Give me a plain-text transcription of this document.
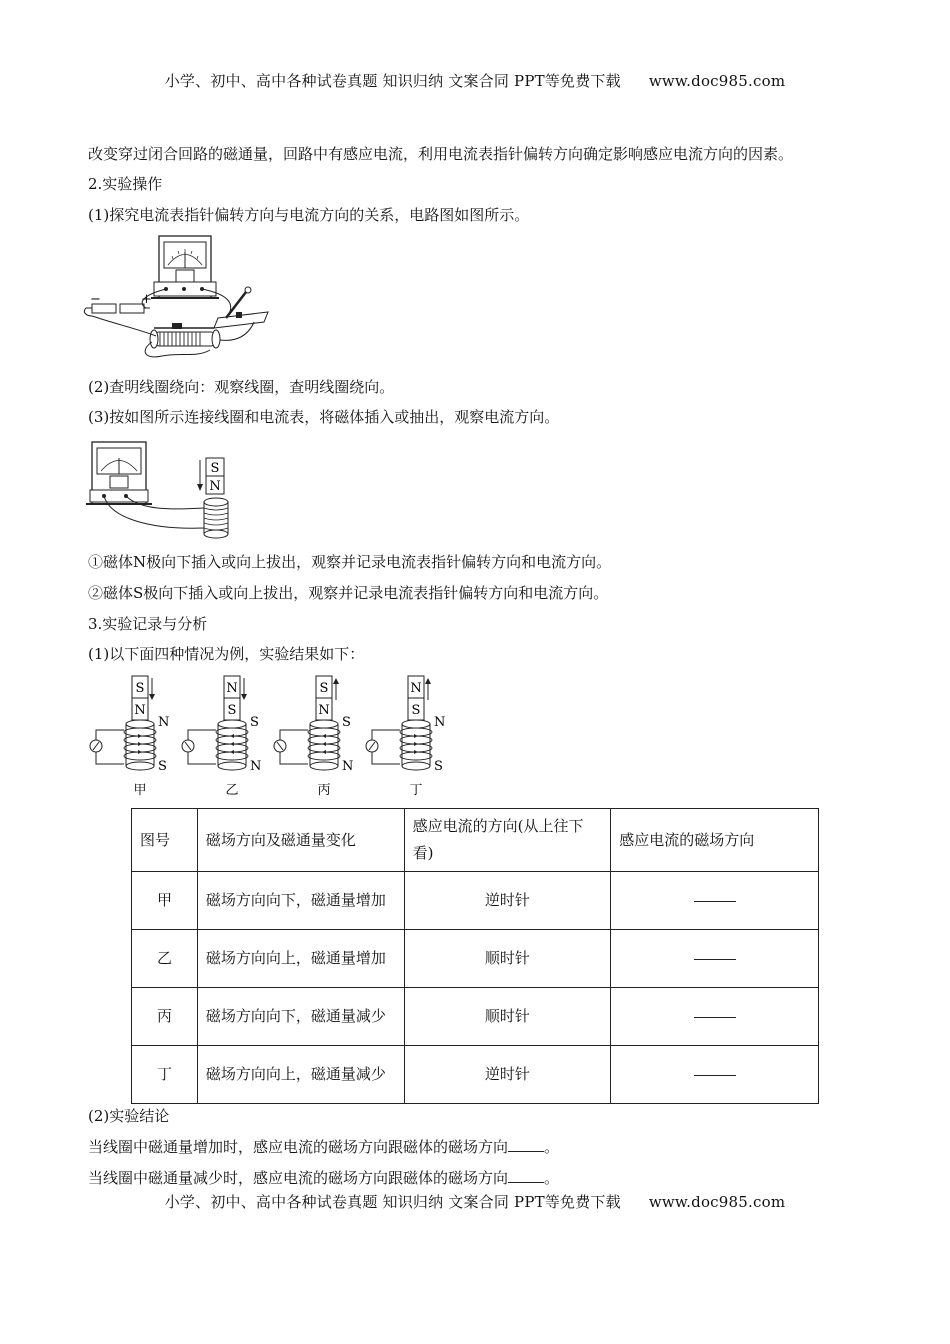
小学、初中、高中各种试卷真题 知识归纳 文案合同 PPT等免费下载 www.doc985.com
改变穿过闭合回路的磁通量，回路中有感应电流，利用电流表指针偏转方向确定影响感应电流方向的因素。
2.实验操作
(1)探究电流表指针偏转方向与电流方向的关系，电路图如图所示。
−	+
(2)查明线圈绕向：观察线圈，查明线圈绕向。
(3)按如图所示连接线圈和电流表，将磁体插入或抽出，观察电流方向。
S
N
①磁体N极向下插入或向上拔出，观察并记录电流表指针偏转方向和电流方向。
②磁体S极向下插入或向上拔出，观察并记录电流表指针偏转方向和电流方向。
3.实验记录与分析
(1)以下面四种情况为例，实验结果如下：
S
N
N
S
甲
N
S
S
N
乙
S
N
S
N
丙
N
S
N
S
丁
图号	磁场方向及磁通量变化	感应电流的方向(从上往下看)	感应电流的磁场方向
甲	磁场方向向下，磁通量增加	逆时针	
乙	磁场方向向上，磁通量增加	顺时针	
丙	磁场方向向下，磁通量减少	顺时针	
丁	磁场方向向上，磁通量减少	逆时针	
(2)实验结论
当线圈中磁通量增加时，感应电流的磁场方向跟磁体的磁场方向 。
当线圈中磁通量减少时，感应电流的磁场方向跟磁体的磁场方向 。
小学、初中、高中各种试卷真题 知识归纳 文案合同 PPT等免费下载 www.doc985.com
